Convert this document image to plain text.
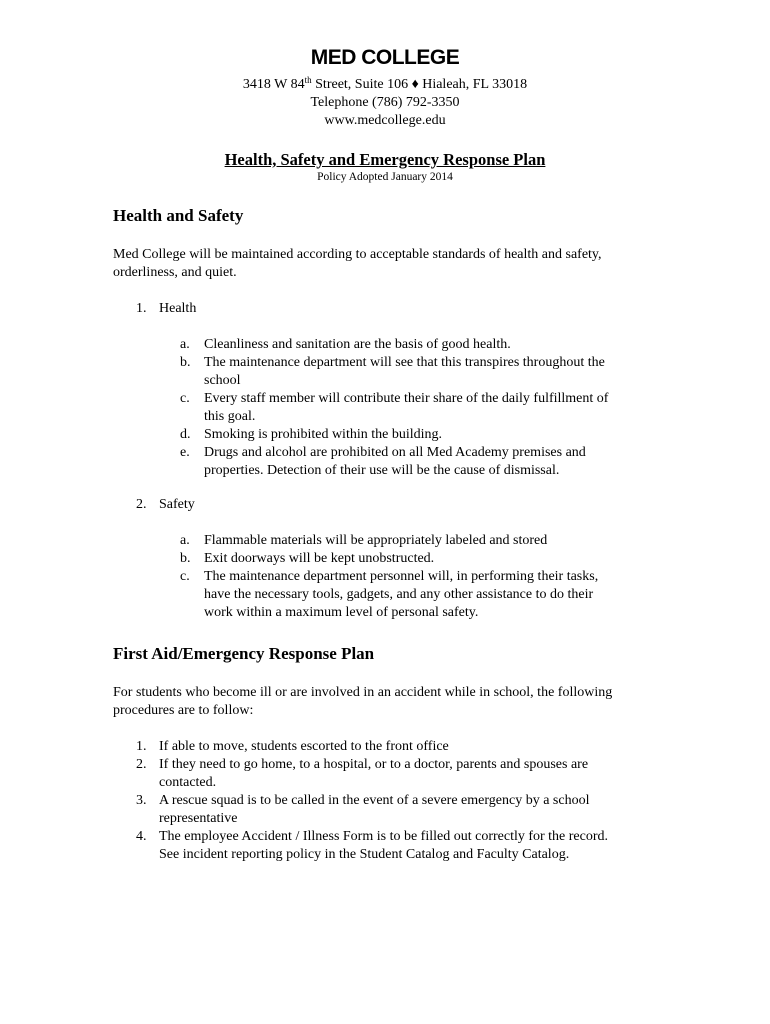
MED COLLEGE
3418 W 84th Street, Suite 106 ♦ Hialeah, FL 33018
Telephone (786) 792-3350
www.medcollege.edu
Health, Safety and Emergency Response Plan
Policy Adopted January 2014
Health and Safety
Med College will be maintained according to acceptable standards of health and safety,
orderliness, and quiet.
1. Health
a.	Cleanliness and sanitation are the basis of good health.
b. The maintenance department will see that this transpires throughout the
school
c.	Every staff member will contribute their share of the daily fulfillment of
this goal.
d. Smoking is prohibited within the building.
e.	Drugs and alcohol are prohibited on all Med Academy premises and
properties. Detection of their use will be the cause of dismissal.
2. Safety
a.	Flammable materials will be appropriately labeled and stored
b. Exit doorways will be kept unobstructed.
c.	The maintenance department personnel will, in performing their tasks,
have the necessary tools, gadgets, and any other assistance to do their
work within a maximum level of personal safety.
First Aid/Emergency Response Plan
For students who become ill or are involved in an accident while in school, the following
procedures are to follow:
1. If able to move, students escorted to the front office
2. If they need to go home, to a hospital, or to a doctor, parents and spouses are
contacted.
3. A rescue squad is to be called in the event of a severe emergency by a school
representative
4. The employee Accident / Illness Form is to be filled out correctly for the record.
See incident reporting policy in the Student Catalog and Faculty Catalog.
